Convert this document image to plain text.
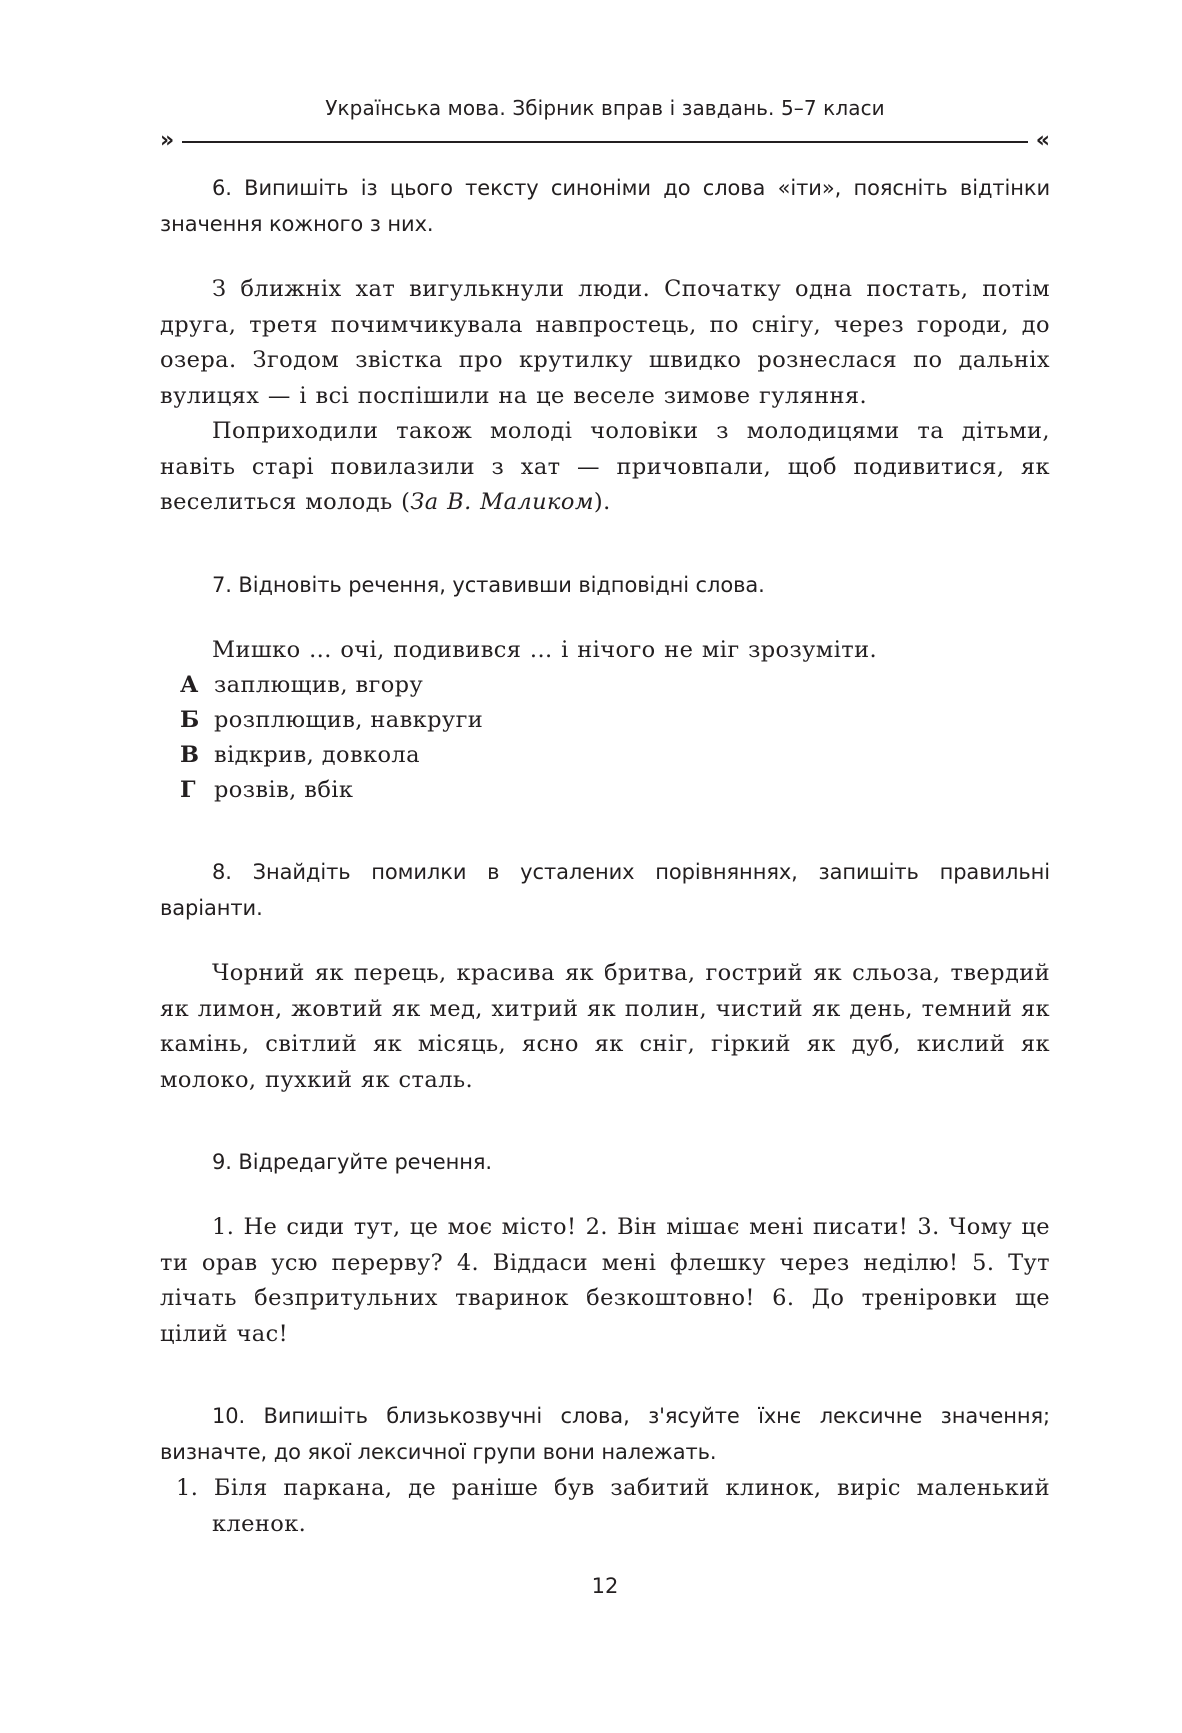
Українська мова. Збірник вправ і завдань. 5–7 класи
»	«

6. Випишіть із цього тексту синоніми до слова «іти», поясніть відтінки значення кожного з них.

З ближніх хат вигулькнули люди. Спочатку одна постать, потім друга, третя почимчикувала навпростець, по снігу, через городи, до озера. Згодом звістка про крутилку швидко рознеслася по дальніх вулицях — і всі поспішили на це веселе зимове гуляння.

Поприходили також молоді чоловіки з молодицями та дітьми, навіть старі повилазили з хат — причовпали, щоб подивитися, як веселиться молодь (За В. Маликом).

7. Відновіть речення, уставивши відповідні слова.

Мишко ... очі, подивився ... і нічого не міг зрозуміти.

А заплющив, вгору

Б розплющив, навкруги

В відкрив, довкола

Г розвів, вбік

8. Знайдіть помилки в усталених порівняннях, запишіть правильні варіанти.

Чорний як перець, красива як бритва, гострий як сльоза, твердий як лимон, жовтий як мед, хитрий як полин, чистий як день, темний як камінь, світлий як місяць, ясно як сніг, гіркий як дуб, кислий як молоко, пухкий як сталь.

9. Відредагуйте речення.

1. Не сиди тут, це моє місто! 2. Він мішає мені писати! 3. Чому це ти орав усю перерву? 4. Віддаси мені флешку через неділю! 5. Тут лічать безпритульних тваринок безкоштовно! 6. До тренірoвки ще цілий час!

10. Випишіть близькозвучні слова, з'ясуйте їхнє лексичне значення; визначте, до якої лексичної групи вони належать.

1. Біля паркана, де раніше був забитий клинок, виріс маленький кленок.

12
